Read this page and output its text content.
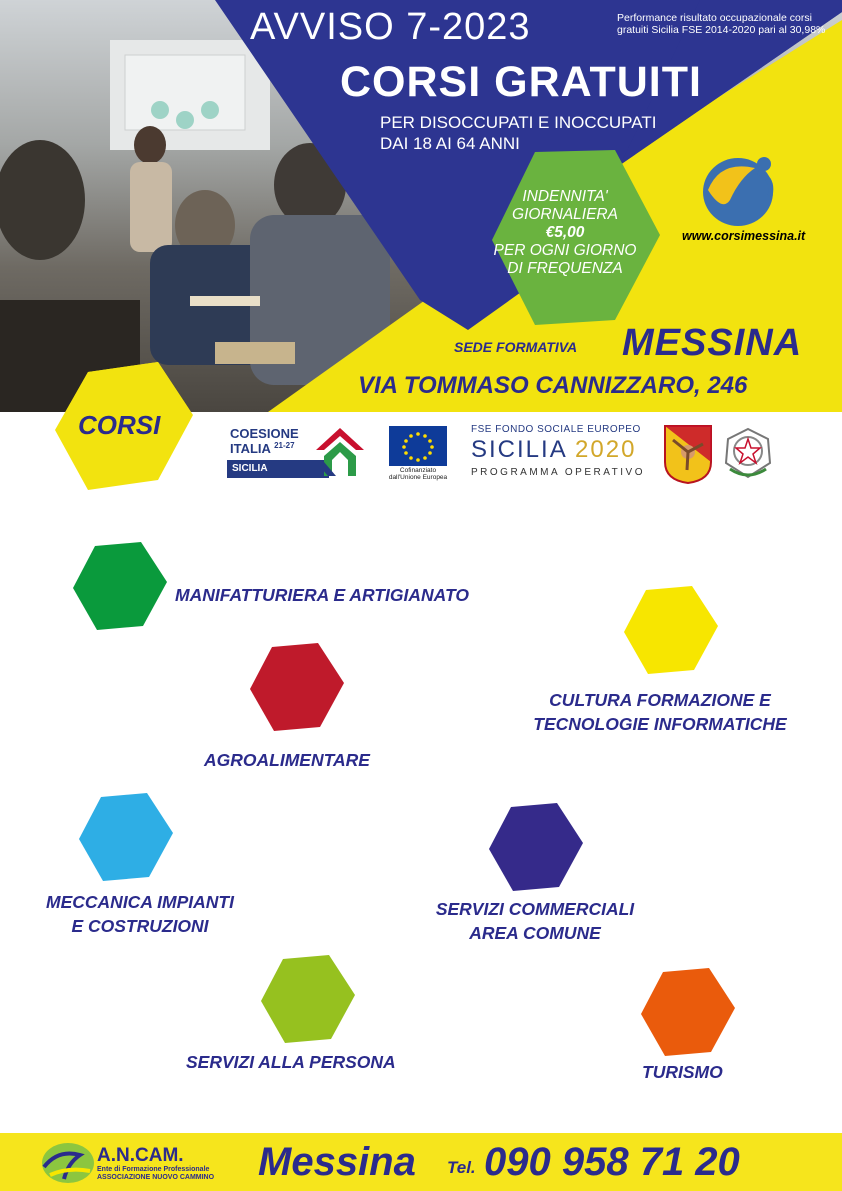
AVVISO 7-2023	Performance risultato occupazionale corsi gratuiti Sicilia FSE 2014-2020 pari al 30,98%
CORSI GRATUITI
PER DISOCCUPATI E INOCCUPATI
DAI 18 AI 64 ANNI
INDENNITA'
GIORNALIERA
€5,00
PER OGNI GIORNO
DI FREQUENZA
www.corsimessina.it
SEDE FORMATIVA MESSINA
VIA TOMMASO CANNIZZARO, 246
CORSI	COESIONE
ITALIA $^{21-27}$
SICILIA	Cofinanziato dall'Unione Europea
FSE FONDO SOCIALE EUROPEO
SICILIA 2020
PROGRAMMA OPERATIVO
MANIFATTURIERA E ARTIGIANATO
CULTURA FORMAZIONE E
TECNOLOGIE INFORMATICHE
AGROALIMENTARE
MECCANICA IMPIANTI
E COSTRUZIONI
SERVIZI COMMERCIALI
AREA COMUNE
SERVIZI ALLA PERSONA	TURISMO
A.N.CAM.
Ente di Formazione Professionale
ASSOCIAZIONE NUOVO CAMMINO Messina Tel. 090 958 71 20
